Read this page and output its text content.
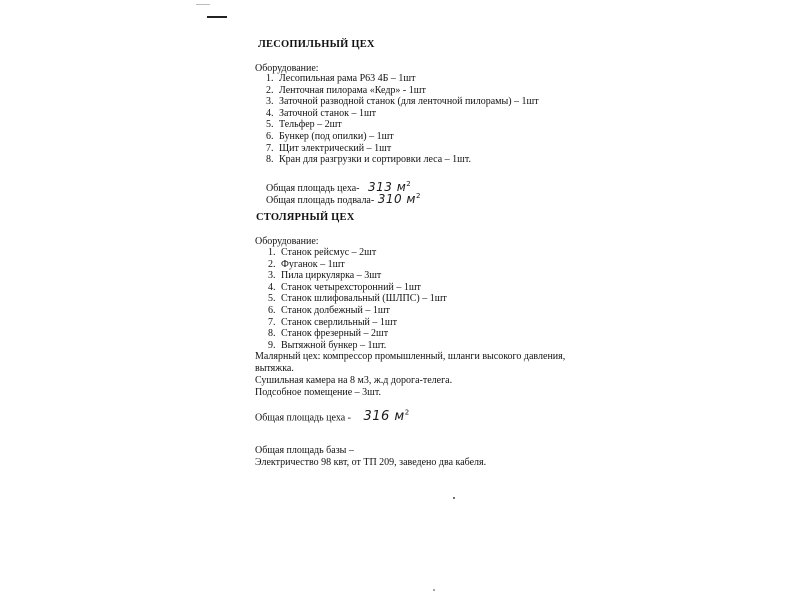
ЛЕСОПИЛЬНЫЙ ЦЕХ
Оборудование:
1. Лесопильная рама Р63 4Б – 1шт
2. Ленточная пилорама «Кедр» - 1шт
3. Заточной разводной станок (для ленточной пилорамы) – 1шт
4. Заточной станок – 1шт
5. Тельфер – 2шт
6. Бункер (под опилки) – 1шт
7. Щит электрический – 1шт
8. Кран для разгрузки и сортировки леса – 1шт.
Общая площадь цеха- 313 $м^2$
Общая площадь подвала- 310 $м^2$
СТОЛЯРНЫЙ ЦЕХ
Оборудование:
1. Станок рейсмус – 2шт
2. Фуганок – 1шт
3. Пила циркулярка – 3шт
4. Станок четырехсторонний – 1шт
5. Станок шлифовальный (ШЛПС) – 1шт
6. Станок долбежный – 1шт
7. Станок сверлильный – 1шт
8. Станок фрезерный – 2шт
9. Вытяжной бункер – 1шт.
Малярный цех: компрессор промышленный, шланги высокого давления,
вытяжка.
Сушильная камера на 8 м3, ж.д дорога-телега.
Подсобное помещение – 3шт.
Общая площадь цеха - 316 $м^2$
Общая площадь базы –
Электричество 98 квт, от ТП 209, заведено два кабеля.
